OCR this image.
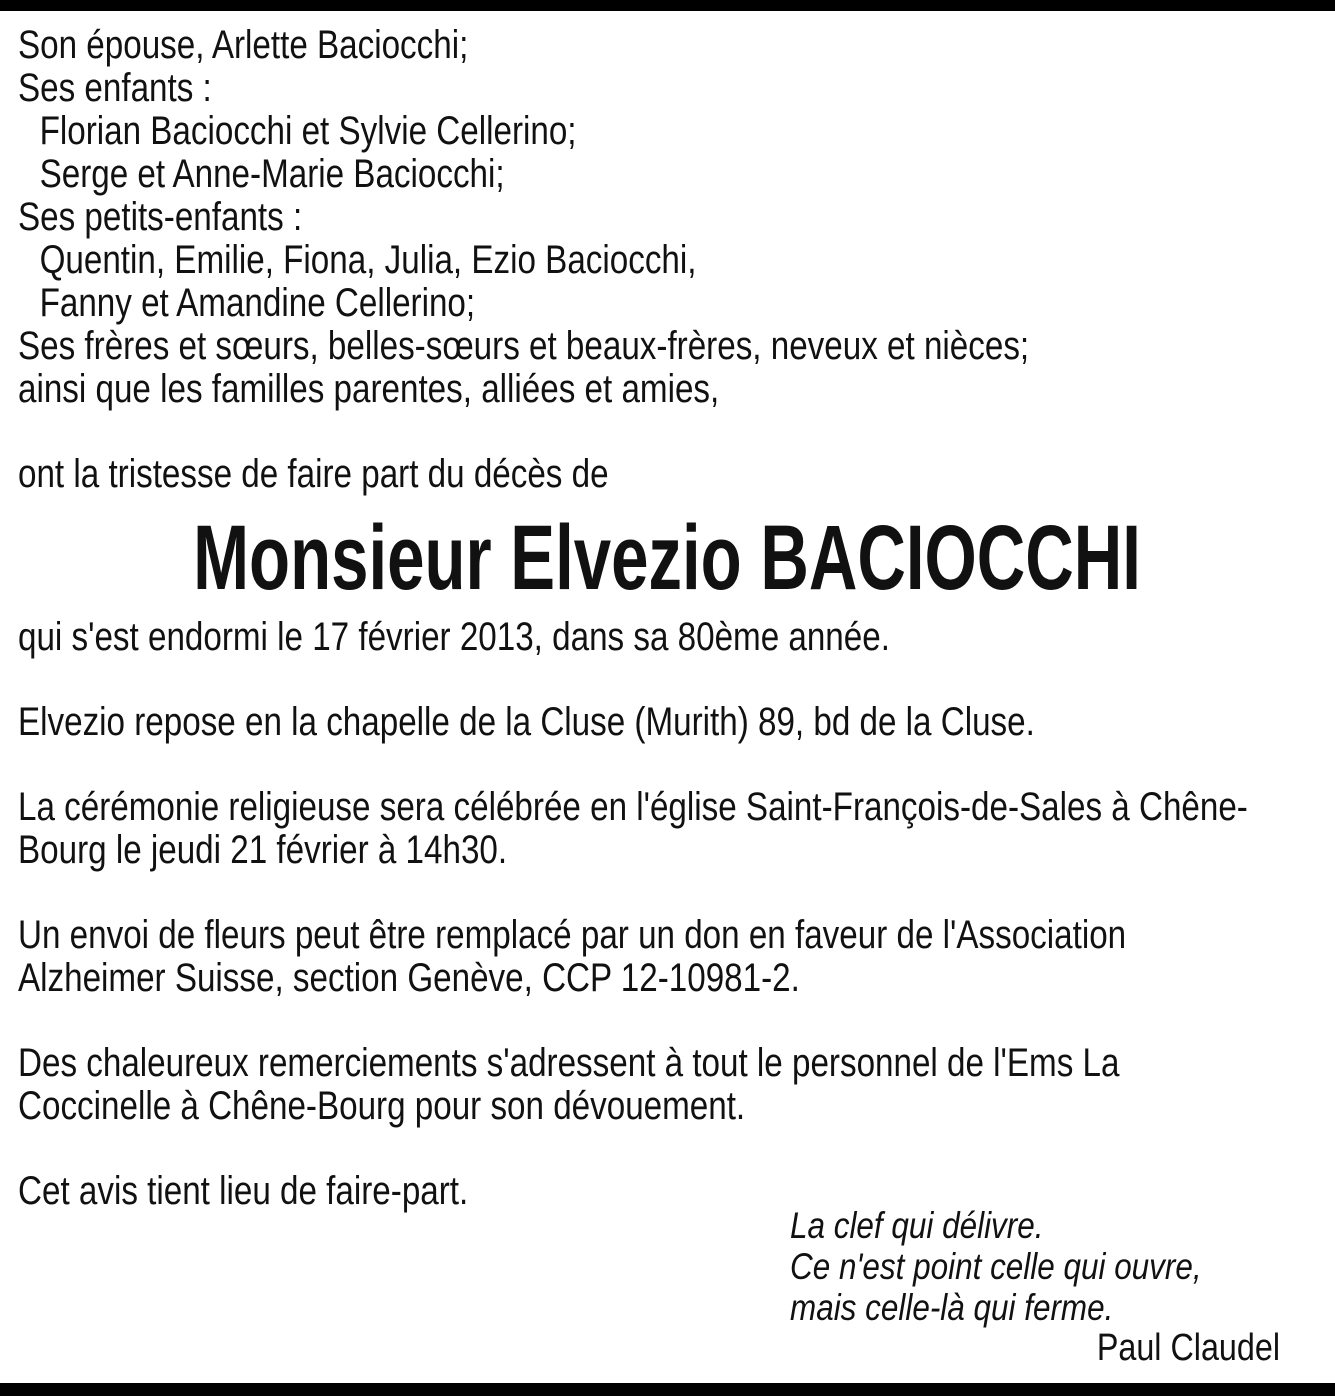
Son épouse, Arlette Baciocchi;
Ses enfants :
Florian Baciocchi et Sylvie Cellerino;
Serge et Anne-Marie Baciocchi;
Ses petits-enfants :
Quentin, Emilie, Fiona, Julia, Ezio Baciocchi,
Fanny et Amandine Cellerino;
Ses frères et sœurs, belles-sœurs et beaux-frères, neveux et nièces;
ainsi que les familles parentes, alliées et amies,
ont la tristesse de faire part du décès de
Monsieur Elvezio BACIOCCHI
qui s'est endormi le 17 février 2013, dans sa 80ème année.
Elvezio repose en la chapelle de la Cluse (Murith) 89, bd de la Cluse.
La cérémonie religieuse sera célébrée en l'église Saint-François-de-Sales à Chêne-
Bourg le jeudi 21 février à 14h30.
Un envoi de fleurs peut être remplacé par un don en faveur de l'Association
Alzheimer Suisse, section Genève, CCP 12-10981-2.
Des chaleureux remerciements s'adressent à tout le personnel de l'Ems La
Coccinelle à Chêne-Bourg pour son dévouement.
Cet avis tient lieu de faire-part.
La clef qui délivre.
Ce n'est point celle qui ouvre,
mais celle-là qui ferme.
Paul Claudel
